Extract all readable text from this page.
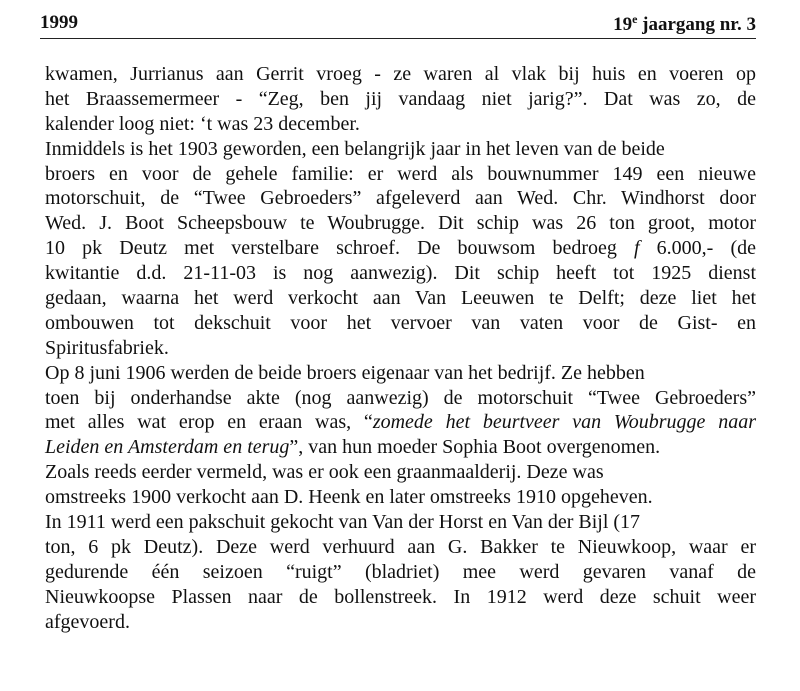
1999	19e jaargang nr. 3
kwamen, Jurrianus aan Gerrit vroeg - ze waren al vlak bij huis en voeren op
het Braassemermeer - “Zeg, ben jij vandaag niet jarig?”. Dat was zo, de
kalender loog niet: ‘t was 23 december.
Inmiddels is het 1903 geworden, een belangrijk jaar in het leven van de beide
broers en voor de gehele familie: er werd als bouwnummer 149 een nieuwe
motorschuit, de “Twee Gebroeders” afgeleverd aan Wed. Chr. Windhorst door
Wed. J. Boot Scheepsbouw te Woubrugge. Dit schip was 26 ton groot, motor
10 pk Deutz met verstelbare schroef. De bouwsom bedroeg f 6.000,- (de
kwitantie d.d. 21-11-03 is nog aanwezig). Dit schip heeft tot 1925 dienst
gedaan, waarna het werd verkocht aan Van Leeuwen te Delft; deze liet het
ombouwen tot dekschuit voor het vervoer van vaten voor de Gist- en
Spiritusfabriek.
Op 8 juni 1906 werden de beide broers eigenaar van het bedrijf. Ze hebben
toen bij onderhandse akte (nog aanwezig) de motorschuit “Twee Gebroeders”
met alles wat erop en eraan was, “zomede het beurtveer van Woubrugge naar
Leiden en Amsterdam en terug”, van hun moeder Sophia Boot overgenomen.
Zoals reeds eerder vermeld, was er ook een graanmaalderij. Deze was
omstreeks 1900 verkocht aan D. Heenk en later omstreeks 1910 opgeheven.
In 1911 werd een pakschuit gekocht van Van der Horst en Van der Bijl (17
ton, 6 pk Deutz). Deze werd verhuurd aan G. Bakker te Nieuwkoop, waar er
gedurende één seizoen “ruigt” (bladriet) mee werd gevaren vanaf de
Nieuwkoopse Plassen naar de bollenstreek. In 1912 werd deze schuit weer
afgevoerd.
